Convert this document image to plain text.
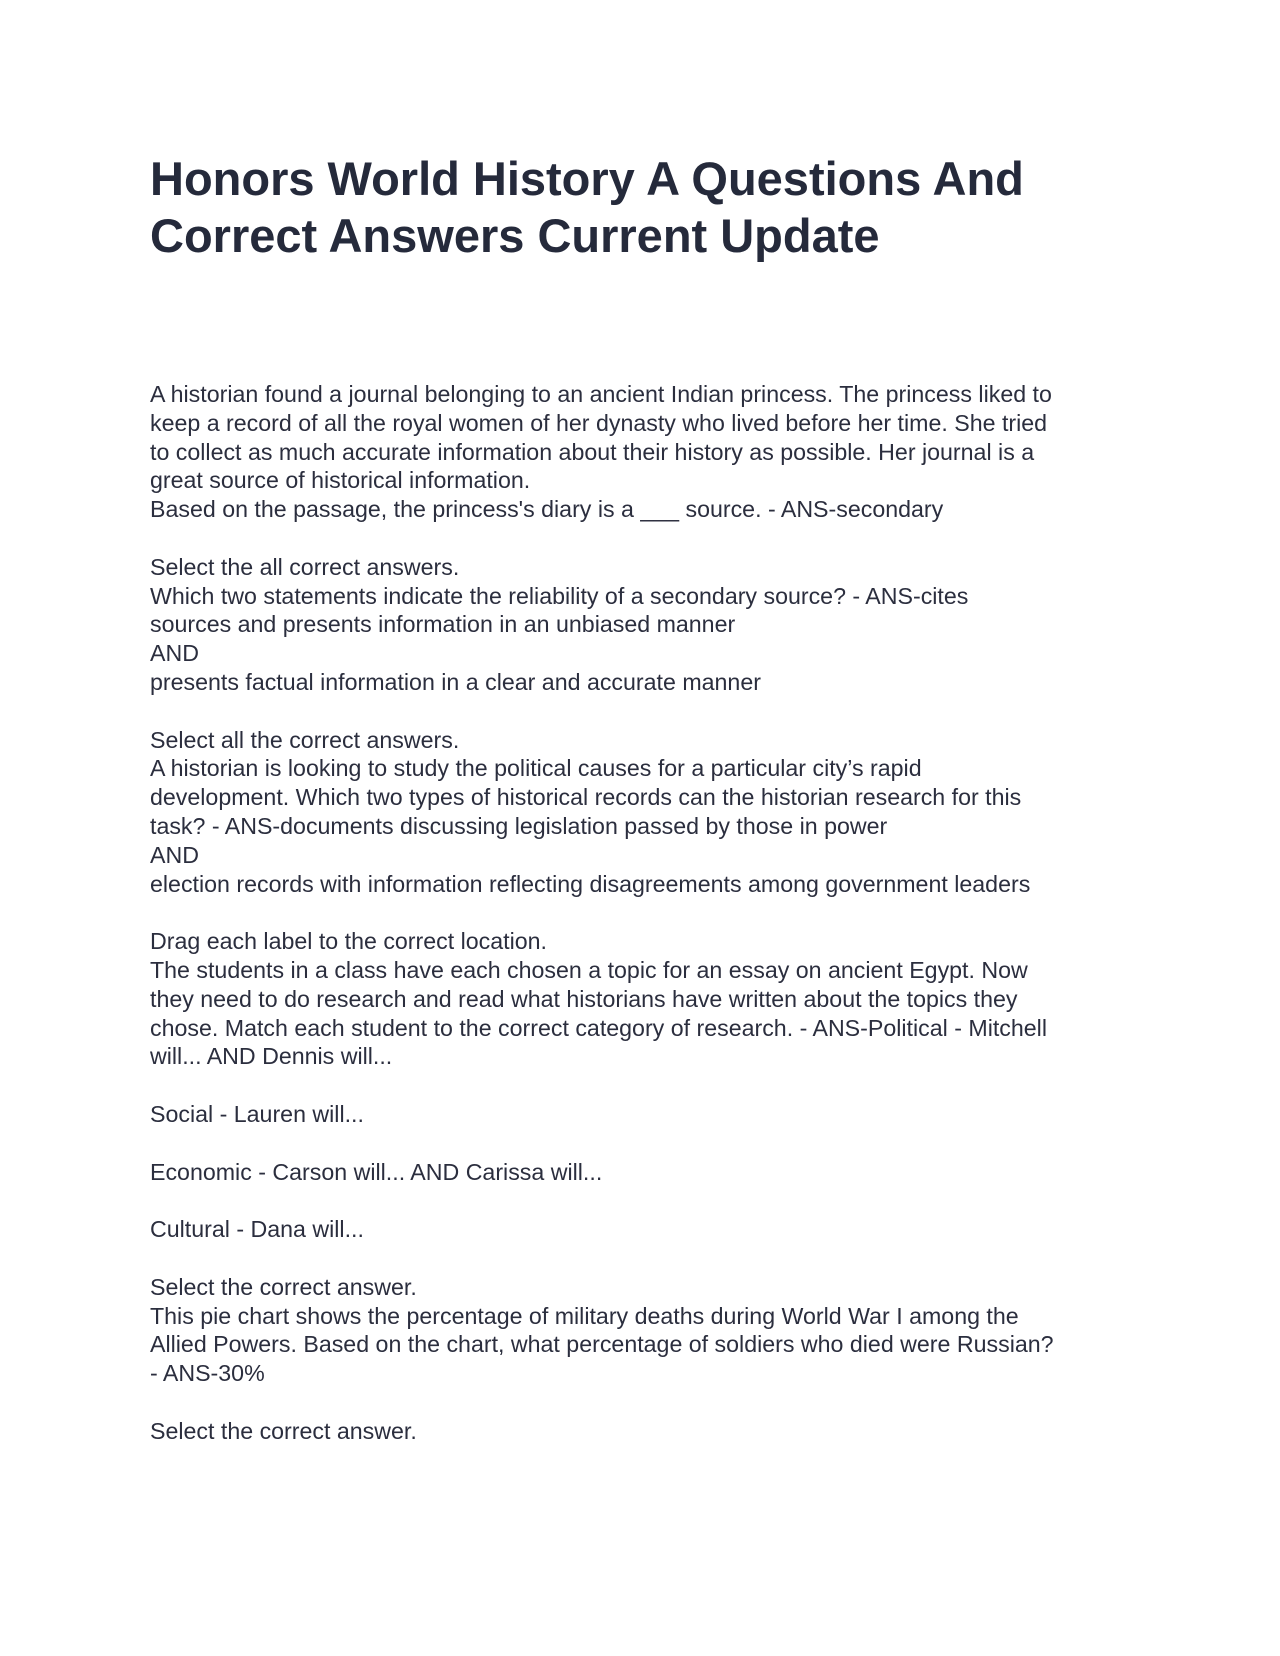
Honors World History A Questions And
Correct Answers Current Update
A historian found a journal belonging to an ancient Indian princess. The princess liked to
keep a record of all the royal women of her dynasty who lived before her time. She tried
to collect as much accurate information about their history as possible. Her journal is a
great source of historical information.
Based on the passage, the princess's diary is a ___ source. - ANS-secondary
Select the all correct answers.
Which two statements indicate the reliability of a secondary source? - ANS-cites
sources and presents information in an unbiased manner
AND
presents factual information in a clear and accurate manner
Select all the correct answers.
A historian is looking to study the political causes for a particular city’s rapid
development. Which two types of historical records can the historian research for this
task? - ANS-documents discussing legislation passed by those in power
AND
election records with information reflecting disagreements among government leaders
Drag each label to the correct location.
The students in a class have each chosen a topic for an essay on ancient Egypt. Now
they need to do research and read what historians have written about the topics they
chose. Match each student to the correct category of research. - ANS-Political - Mitchell
will... AND Dennis will...
Social - Lauren will...
Economic - Carson will... AND Carissa will...
Cultural - Dana will...
Select the correct answer.
This pie chart shows the percentage of military deaths during World War I among the
Allied Powers. Based on the chart, what percentage of soldiers who died were Russian?
- ANS-30%
Select the correct answer.
